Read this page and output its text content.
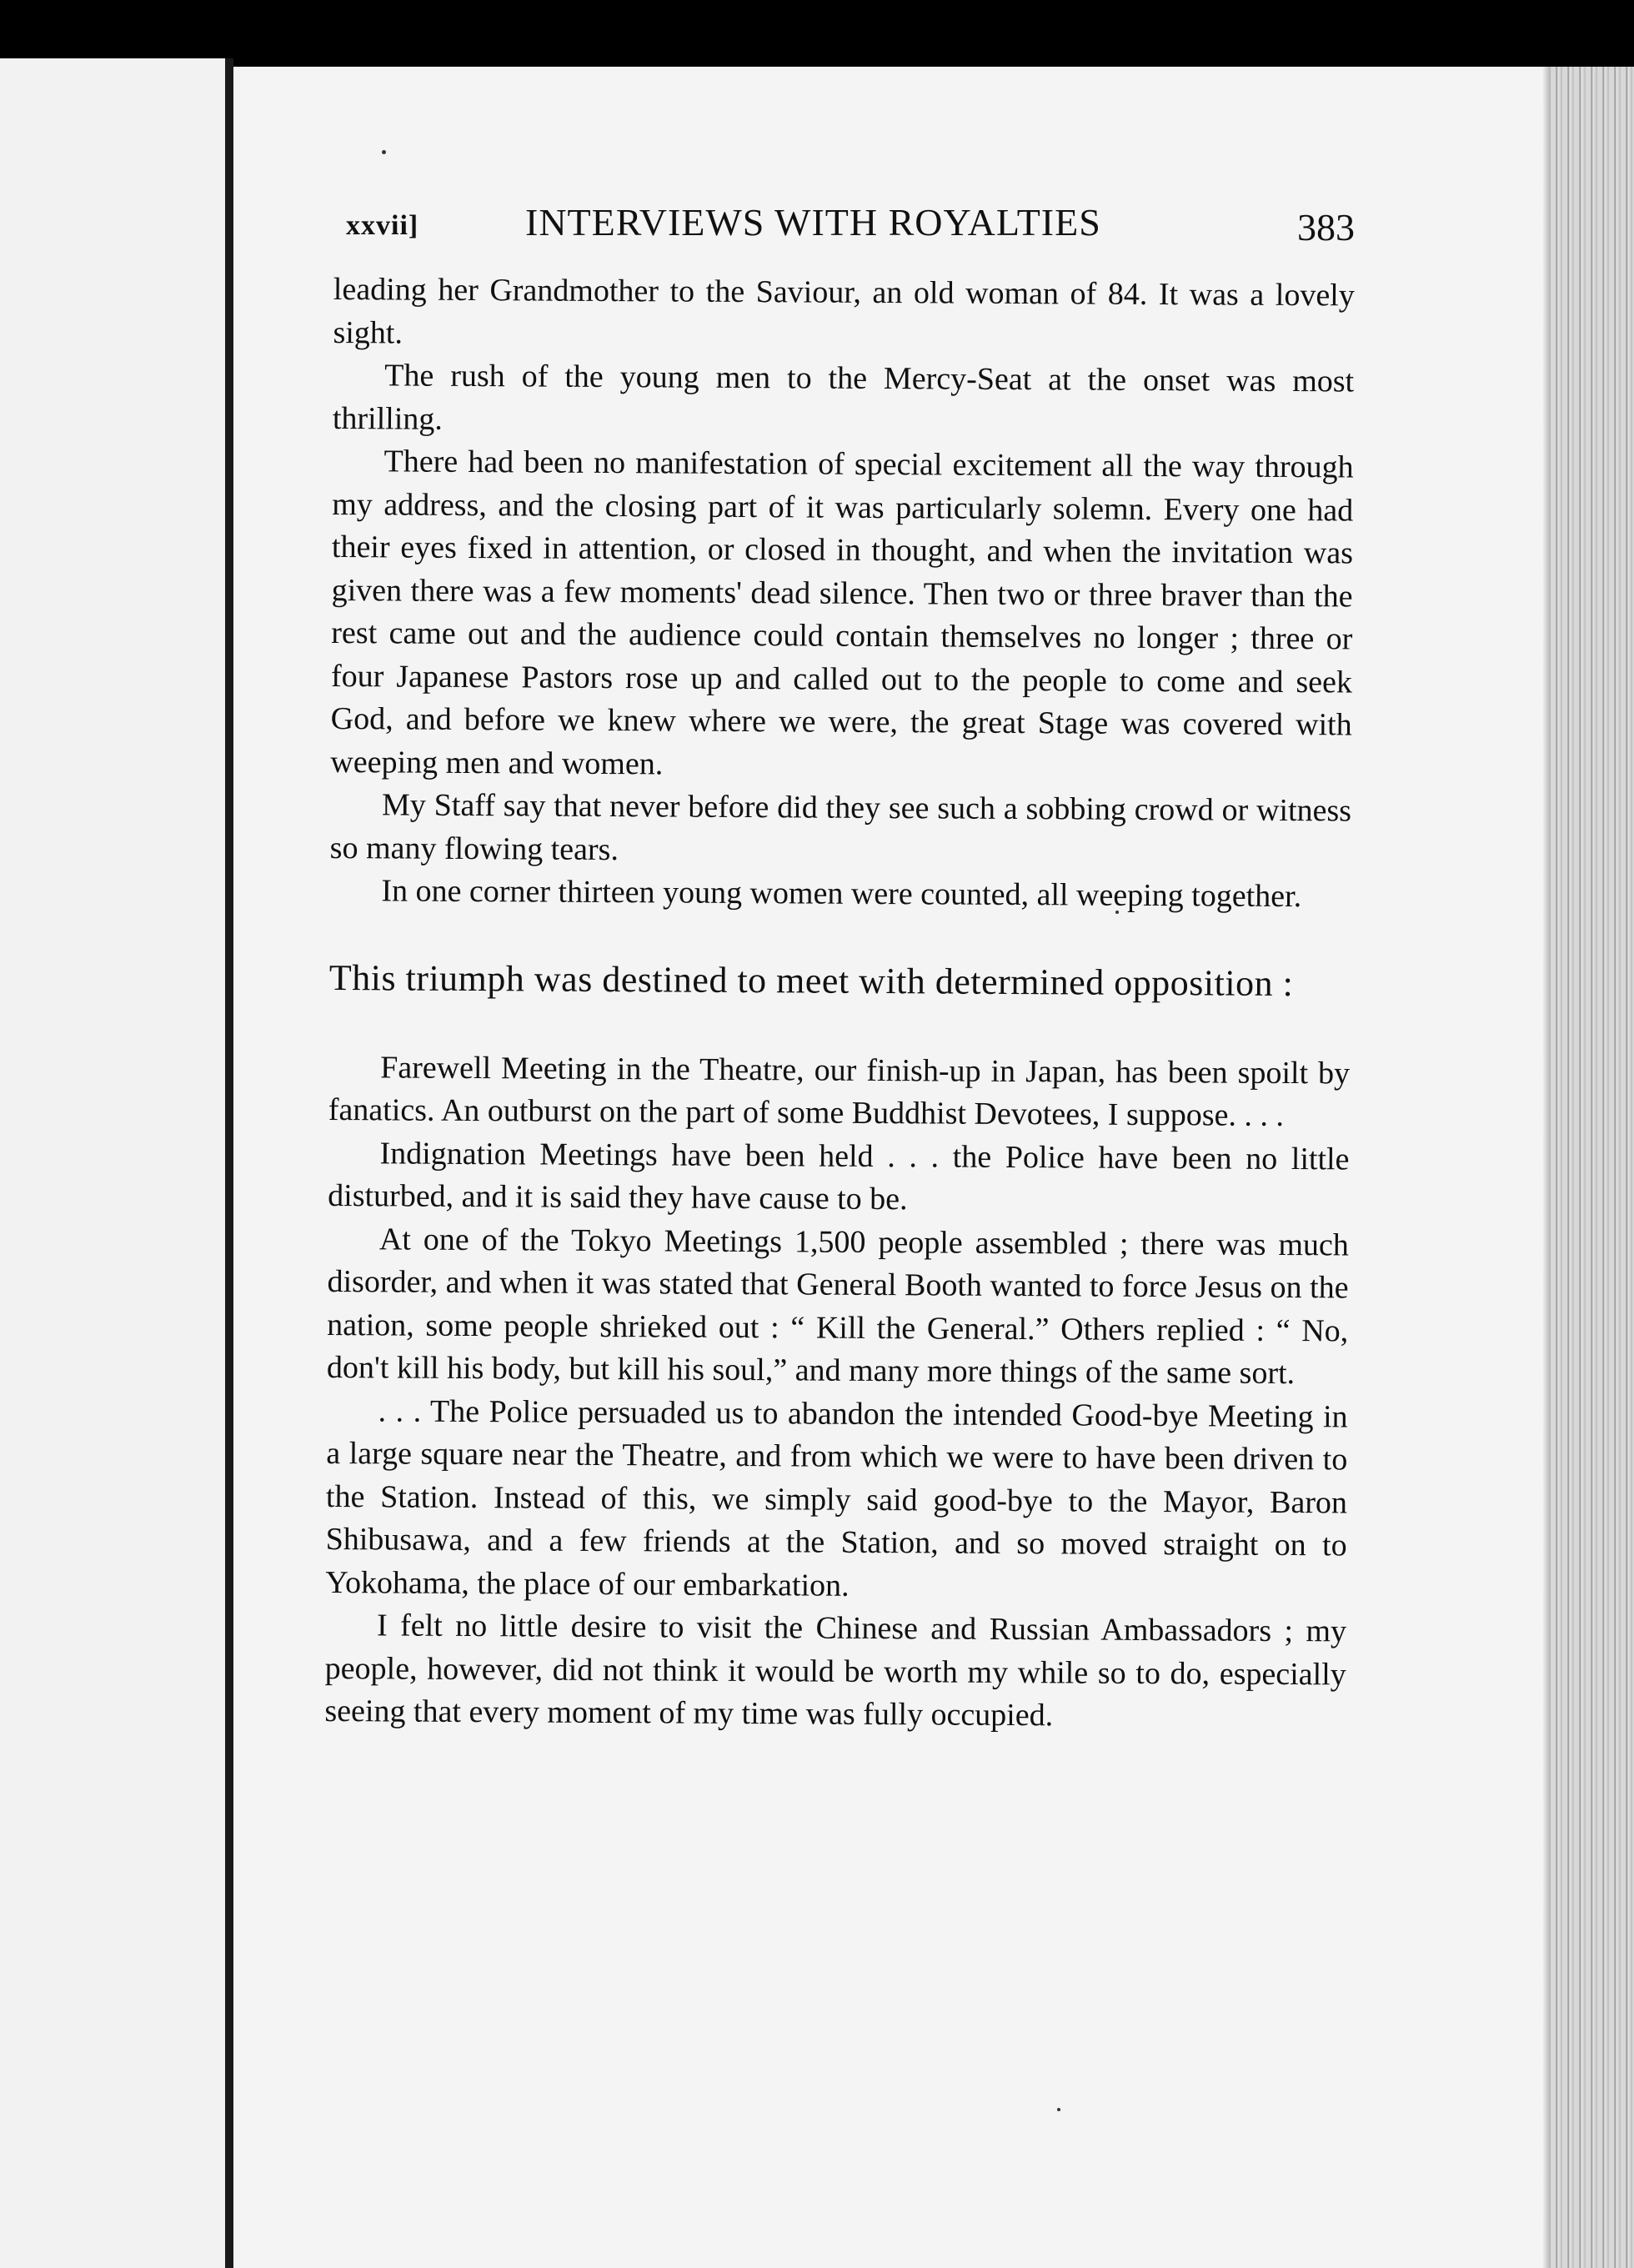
xxvii]	INTERVIEWS WITH ROYALTIES	383

leading her Grandmother to the Saviour, an old woman of 84. It was a lovely sight.

The rush of the young men to the Mercy-Seat at the onset was most thrilling.

There had been no manifestation of special excitement all the way through my address, and the closing part of it was particularly solemn. Every one had their eyes fixed in attention, or closed in thought, and when the invitation was given there was a few moments' dead silence. Then two or three braver than the rest came out and the audience could contain themselves no longer ; three or four Japanese Pastors rose up and called out to the people to come and seek God, and before we knew where we were, the great Stage was covered with weeping men and women.

My Staff say that never before did they see such a sobbing crowd or witness so many flowing tears.

In one corner thirteen young women were counted, all weeping together.

This triumph was destined to meet with determined opposition :

Farewell Meeting in the Theatre, our finish-up in Japan, has been spoilt by fanatics. An outburst on the part of some Buddhist Devotees, I suppose. . . .

Indignation Meetings have been held . . . the Police have been no little disturbed, and it is said they have cause to be.

At one of the Tokyo Meetings 1,500 people assembled ; there was much disorder, and when it was stated that General Booth wanted to force Jesus on the nation, some people shrieked out : “ Kill the General.” Others replied : “ No, don't kill his body, but kill his soul,” and many more things of the same sort.

. . . The Police persuaded us to abandon the intended Good-bye Meeting in a large square near the Theatre, and from which we were to have been driven to the Station. Instead of this, we simply said good-bye to the Mayor, Baron Shibusawa, and a few friends at the Station, and so moved straight on to Yokohama, the place of our embarkation.

I felt no little desire to visit the Chinese and Russian Ambassadors ; my people, however, did not think it would be worth my while so to do, especially seeing that every moment of my time was fully occupied.
